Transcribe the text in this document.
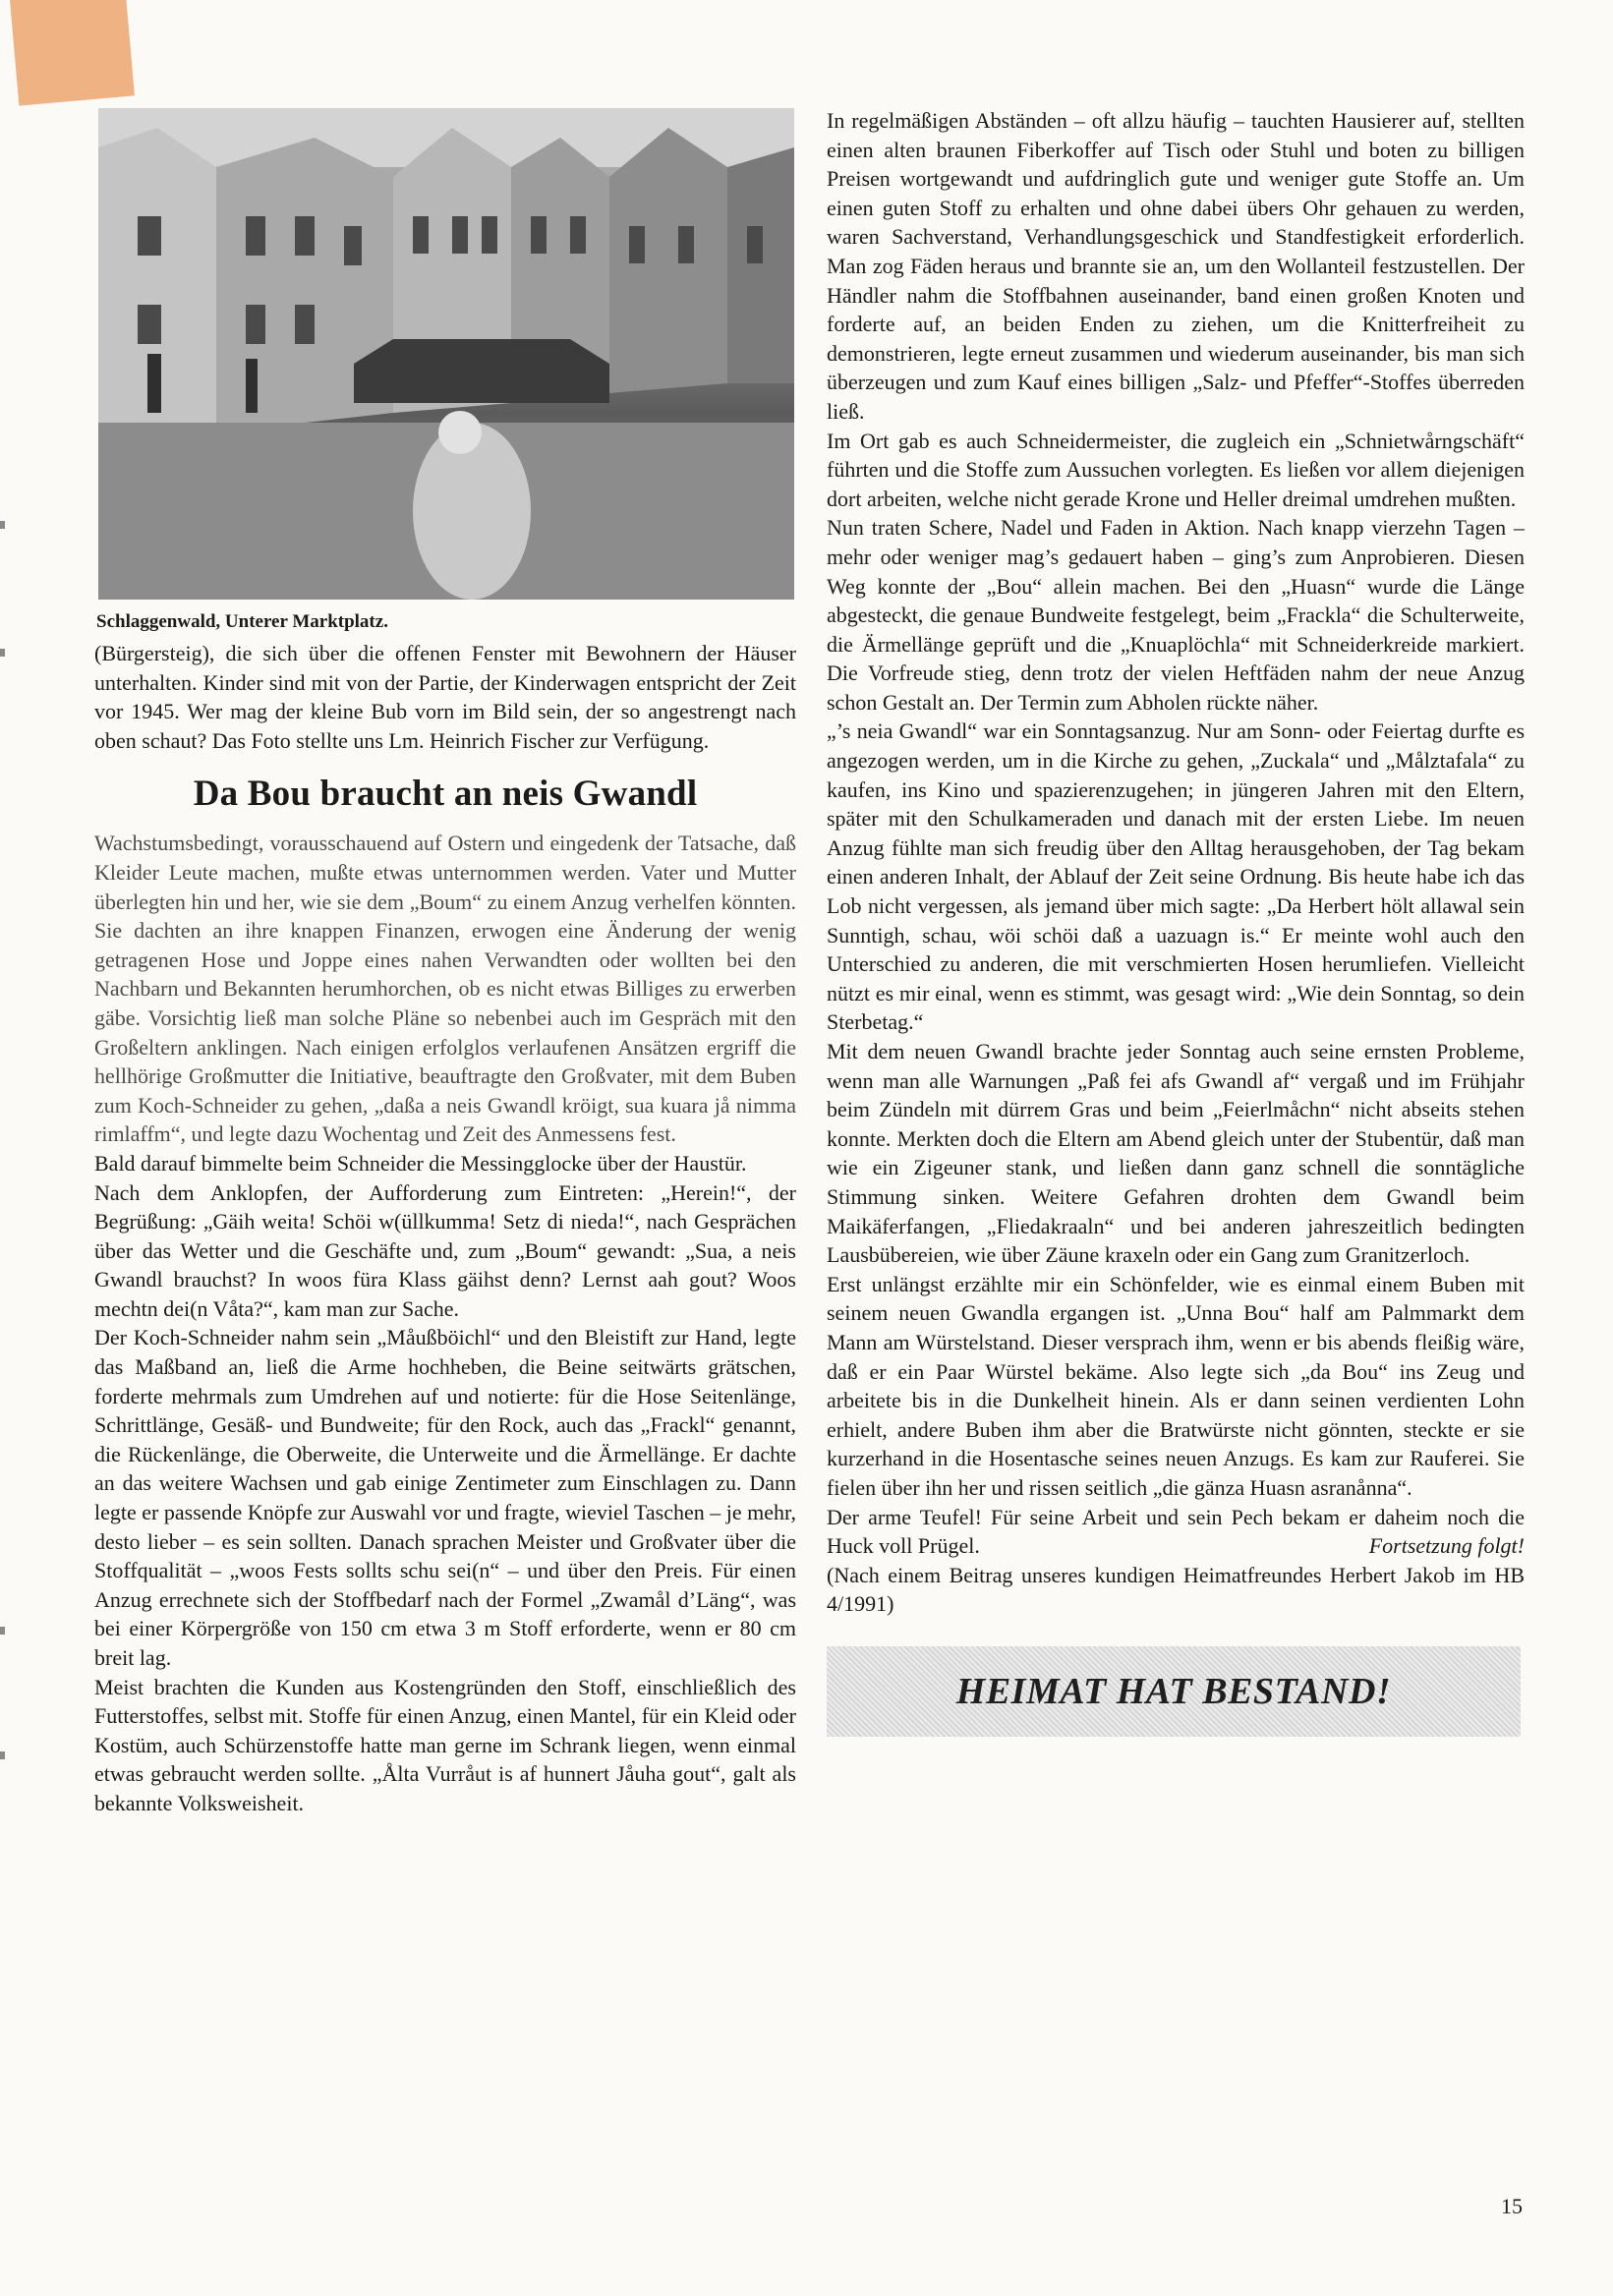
Schlaggenwald, Unterer Marktplatz.

(Bürgersteig), die sich über die offenen Fenster mit Bewohnern der Häuser unterhalten. Kinder sind mit von der Partie, der Kinderwagen entspricht der Zeit vor 1945. Wer mag der kleine Bub vorn im Bild sein, der so angestrengt nach oben schaut? Das Foto stellte uns Lm. Heinrich Fischer zur Verfügung.

Da Bou braucht an neis Gwandl

Wachstumsbedingt, vorausschauend auf Ostern und eingedenk der Tatsache, daß Kleider Leute machen, mußte etwas unternommen werden. Vater und Mutter überlegten hin und her, wie sie dem „Boum“ zu einem Anzug verhelfen könnten. Sie dachten an ihre knappen Finanzen, erwogen eine Änderung der wenig getragenen Hose und Joppe eines nahen Verwandten oder wollten bei den Nachbarn und Bekannten herumhorchen, ob es nicht etwas Billiges zu erwerben gäbe. Vorsichtig ließ man solche Pläne so nebenbei auch im Gespräch mit den Großeltern anklingen. Nach einigen erfolglos verlaufenen Ansätzen ergriff die hellhörige Großmutter die Initiative, beauftragte den Großvater, mit dem Buben zum Koch-Schneider zu gehen, „daßa a neis Gwandl kröigt, sua kuara jå nimma rimlaffm“, und legte dazu Wochentag und Zeit des Anmessens fest.

Bald darauf bimmelte beim Schneider die Messingglocke über der Haustür.

Nach dem Anklopfen, der Aufforderung zum Eintreten: „Herein!“, der Begrüßung: „Gäih weita! Schöi w(üllkumma! Setz di nieda!“, nach Gesprächen über das Wetter und die Geschäfte und, zum „Boum“ gewandt: „Sua, a neis Gwandl brauchst? In woos füra Klass gäihst denn? Lernst aah gout? Woos mechtn dei(n Våta?“, kam man zur Sache.

Der Koch-Schneider nahm sein „Måußböichl“ und den Bleistift zur Hand, legte das Maßband an, ließ die Arme hochheben, die Beine seitwärts grätschen, forderte mehrmals zum Umdrehen auf und notierte: für die Hose Seitenlänge, Schrittlänge, Gesäß- und Bundweite; für den Rock, auch das „Frackl“ genannt, die Rückenlänge, die Oberweite, die Unterweite und die Ärmellänge. Er dachte an das weitere Wachsen und gab einige Zentimeter zum Einschlagen zu. Dann legte er passende Knöpfe zur Auswahl vor und fragte, wieviel Taschen – je mehr, desto lieber – es sein sollten. Danach sprachen Meister und Großvater über die Stoffqualität – „woos Fests sollts schu sei(n“ – und über den Preis. Für einen Anzug errechnete sich der Stoffbedarf nach der Formel „Zwamål d’Läng“, was bei einer Körpergröße von 150 cm etwa 3 m Stoff erforderte, wenn er 80 cm breit lag.

Meist brachten die Kunden aus Kostengründen den Stoff, einschließlich des Futterstoffes, selbst mit. Stoffe für einen Anzug, einen Mantel, für ein Kleid oder Kostüm, auch Schürzenstoffe hatte man gerne im Schrank liegen, wenn einmal etwas gebraucht werden sollte. „Ålta Vurråut is af hunnert Jåuha gout“, galt als bekannte Volksweisheit.

In regelmäßigen Abständen – oft allzu häufig – tauchten Hausierer auf, stellten einen alten braunen Fiberkoffer auf Tisch oder Stuhl und boten zu billigen Preisen wortgewandt und aufdringlich gute und weniger gute Stoffe an. Um einen guten Stoff zu erhalten und ohne dabei übers Ohr gehauen zu werden, waren Sachverstand, Verhandlungsgeschick und Standfestigkeit erforderlich. Man zog Fäden heraus und brannte sie an, um den Wollanteil festzustellen. Der Händler nahm die Stoffbahnen auseinander, band einen großen Knoten und forderte auf, an beiden Enden zu ziehen, um die Knitterfreiheit zu demonstrieren, legte erneut zusammen und wiederum auseinander, bis man sich überzeugen und zum Kauf eines billigen „Salz- und Pfeffer“-Stoffes überreden ließ.

Im Ort gab es auch Schneidermeister, die zugleich ein „Schnietwårngschäft“ führten und die Stoffe zum Aussuchen vorlegten. Es ließen vor allem diejenigen dort arbeiten, welche nicht gerade Krone und Heller dreimal umdrehen mußten.

Nun traten Schere, Nadel und Faden in Aktion. Nach knapp vierzehn Tagen – mehr oder weniger mag’s gedauert haben – ging’s zum Anprobieren. Diesen Weg konnte der „Bou“ allein machen. Bei den „Huasn“ wurde die Länge abgesteckt, die genaue Bundweite festgelegt, beim „Frackla“ die Schulterweite, die Ärmellänge geprüft und die „Knuaplöchla“ mit Schneiderkreide markiert. Die Vorfreude stieg, denn trotz der vielen Heftfäden nahm der neue Anzug schon Gestalt an. Der Termin zum Abholen rückte näher.

„’s neia Gwandl“ war ein Sonntagsanzug. Nur am Sonn- oder Feiertag durfte es angezogen werden, um in die Kirche zu gehen, „Zuckala“ und „Målztafala“ zu kaufen, ins Kino und spazierenzugehen; in jüngeren Jahren mit den Eltern, später mit den Schulkameraden und danach mit der ersten Liebe. Im neuen Anzug fühlte man sich freudig über den Alltag herausgehoben, der Tag bekam einen anderen Inhalt, der Ablauf der Zeit seine Ordnung. Bis heute habe ich das Lob nicht vergessen, als jemand über mich sagte: „Da Herbert hölt allawal sein Sunntigh, schau, wöi schöi daß a uazuagn is.“ Er meinte wohl auch den Unterschied zu anderen, die mit verschmierten Hosen herumliefen. Vielleicht nützt es mir einal, wenn es stimmt, was gesagt wird: „Wie dein Sonntag, so dein Sterbetag.“

Mit dem neuen Gwandl brachte jeder Sonntag auch seine ernsten Probleme, wenn man alle Warnungen „Paß fei afs Gwandl af“ vergaß und im Frühjahr beim Zündeln mit dürrem Gras und beim „Feierlmåchn“ nicht abseits stehen konnte. Merkten doch die Eltern am Abend gleich unter der Stubentür, daß man wie ein Zigeuner stank, und ließen dann ganz schnell die sonntägliche Stimmung sinken. Weitere Gefahren drohten dem Gwandl beim Maikäferfangen, „Fliedakraaln“ und bei anderen jahreszeitlich bedingten Lausbübereien, wie über Zäune kraxeln oder ein Gang zum Granitzerloch.

Erst unlängst erzählte mir ein Schönfelder, wie es einmal einem Buben mit seinem neuen Gwandla ergangen ist. „Unna Bou“ half am Palmmarkt dem Mann am Würstelstand. Dieser versprach ihm, wenn er bis abends fleißig wäre, daß er ein Paar Würstel bekäme. Also legte sich „da Bou“ ins Zeug und arbeitete bis in die Dunkelheit hinein. Als er dann seinen verdienten Lohn erhielt, andere Buben ihm aber die Bratwürste nicht gönnten, steckte er sie kurzerhand in die Hosentasche seines neuen Anzugs. Es kam zur Rauferei. Sie fielen über ihn her und rissen seitlich „die gänza Huasn asranånna“.

Der arme Teufel! Für seine Arbeit und sein Pech bekam er daheim noch die Huck voll Prügel.	Fortsetzung folgt!

(Nach einem Beitrag unseres kundigen Heimatfreundes Herbert Jakob im HB 4/1991)

HEIMAT HAT BESTAND!
15
